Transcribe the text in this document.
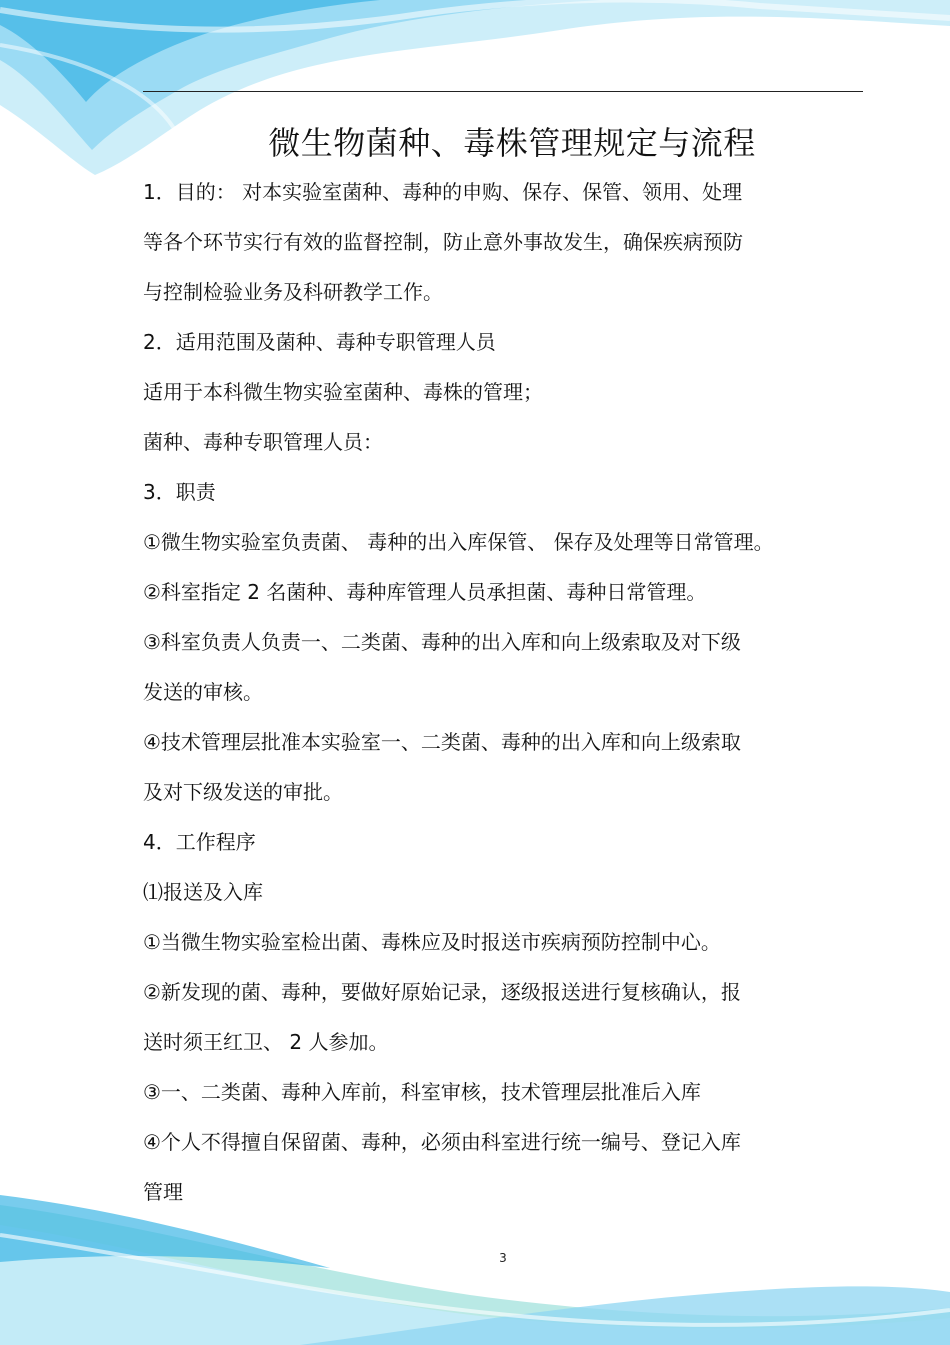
微生物菌种、毒株管理规定与流程
1．目的： 对本实验室菌种、毒种的申购、保存、保管、领用、处理
等各个环节实行有效的监督控制，防止意外事故发生，确保疾病预防
与控制检验业务及科研教学工作。
2．适用范围及菌种、毒种专职管理人员
适用于本科微生物实验室菌种、毒株的管理；
菌种、毒种专职管理人员：
3．职责
①微生物实验室负责菌、 毒种的出入库保管、 保存及处理等日常管理。
②科室指定 2 名菌种、毒种库管理人员承担菌、毒种日常管理。
③科室负责人负责一、二类菌、毒种的出入库和向上级索取及对下级
发送的审核。
④技术管理层批准本实验室一、二类菌、毒种的出入库和向上级索取
及对下级发送的审批。
4．工作程序
⑴报送及入库
①当微生物实验室检出菌、毒株应及时报送市疾病预防控制中心。
②新发现的菌、毒种，要做好原始记录，逐级报送进行复核确认，报
送时须王红卫、 2 人参加。
③一、二类菌、毒种入库前，科室审核，技术管理层批准后入库
④个人不得擅自保留菌、毒种，必须由科室进行统一编号、登记入库
管理
3
